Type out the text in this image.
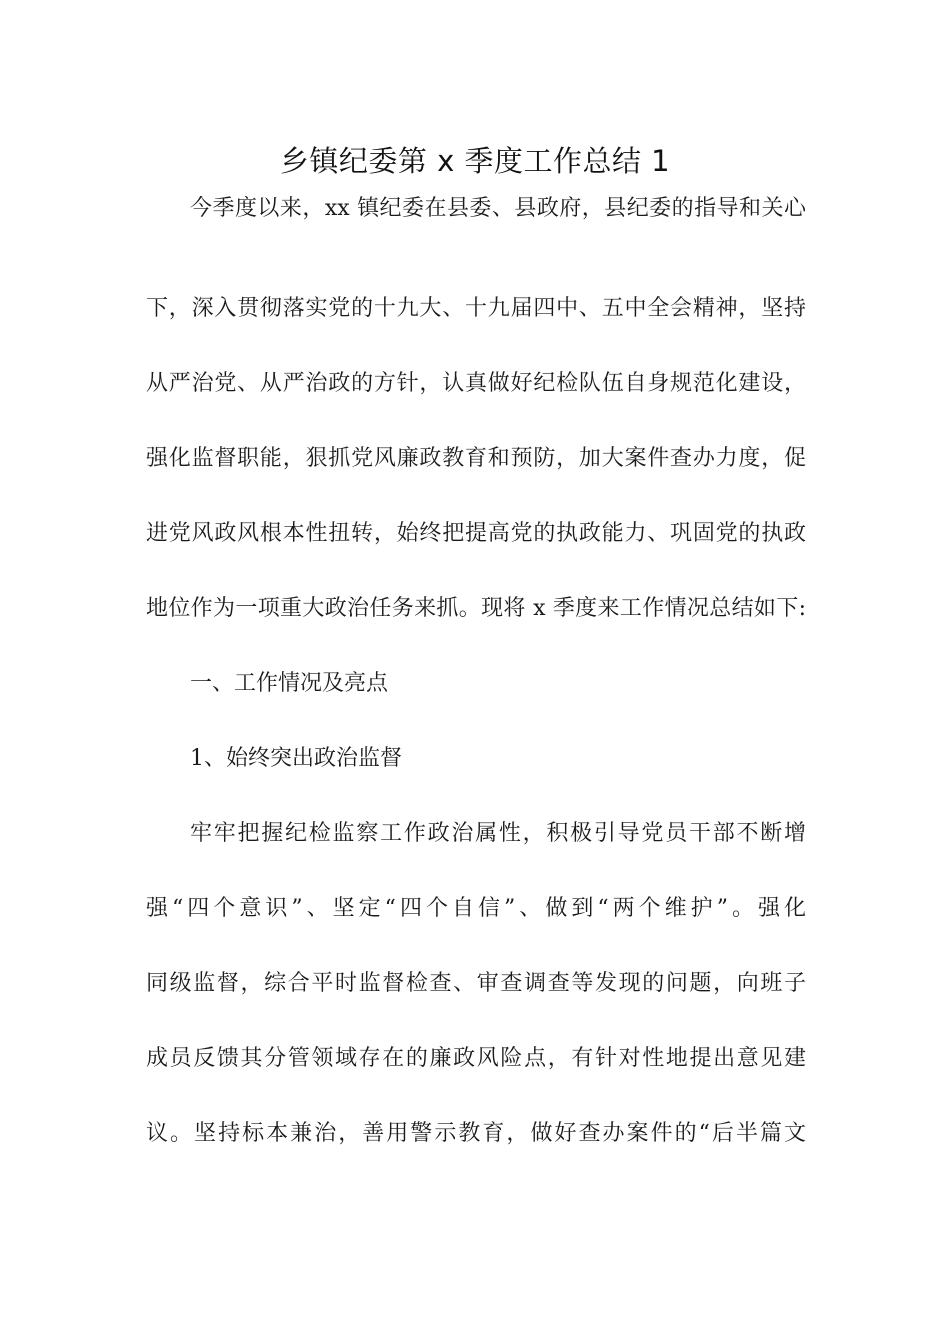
乡镇纪委第 x 季度工作总结 1
今季度以来，xx 镇纪委在县委、县政府，县纪委的指导和关心
下，深入贯彻落实党的十九大、十九届四中、五中全会精神，坚持
从严治党、从严治政的方针，认真做好纪检队伍自身规范化建设，
强化监督职能，狠抓党风廉政教育和预防，加大案件查办力度，促
进党风政风根本性扭转，始终把提高党的执政能力、巩固党的执政
地位作为一项重大政治任务来抓。现将 x 季度来工作情况总结如下:
一、工作情况及亮点
1、始终突出政治监督
牢牢把握纪检监察工作政治属性，积极引导党员干部不断增
强“四个意识”、坚定“四个自信”、做到“两个维护”。强化
同级监督，综合平时监督检查、审查调查等发现的问题，向班子
成员反馈其分管领域存在的廉政风险点，有针对性地提出意见建
议。坚持标本兼治，善用警示教育，做好查办案件的“后半篇文
